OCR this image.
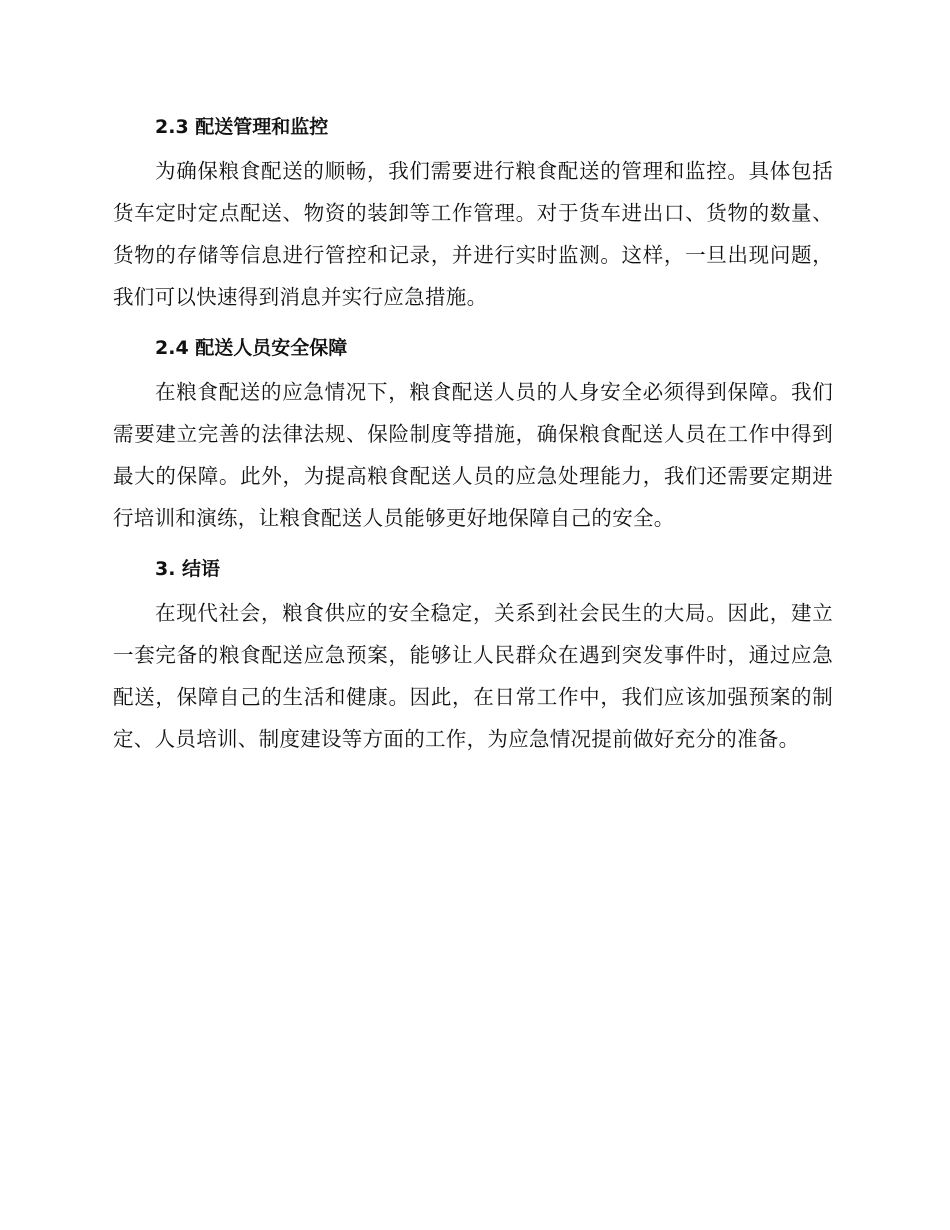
2.3 配送管理和监控

为确保粮食配送的顺畅，我们需要进行粮食配送的管理和监控。具体包括货车定时定点配送、物资的装卸等工作管理。对于货车进出口、货物的数量、货物的存储等信息进行管控和记录，并进行实时监测。这样，一旦出现问题，我们可以快速得到消息并实行应急措施。

2.4 配送人员安全保障

在粮食配送的应急情况下，粮食配送人员的人身安全必须得到保障。我们需要建立完善的法律法规、保险制度等措施，确保粮食配送人员在工作中得到最大的保障。此外，为提高粮食配送人员的应急处理能力，我们还需要定期进行培训和演练，让粮食配送人员能够更好地保障自己的安全。

3. 结语

在现代社会，粮食供应的安全稳定，关系到社会民生的大局。因此，建立一套完备的粮食配送应急预案，能够让人民群众在遇到突发事件时，通过应急配送，保障自己的生活和健康。因此，在日常工作中，我们应该加强预案的制定、人员培训、制度建设等方面的工作，为应急情况提前做好充分的准备。
